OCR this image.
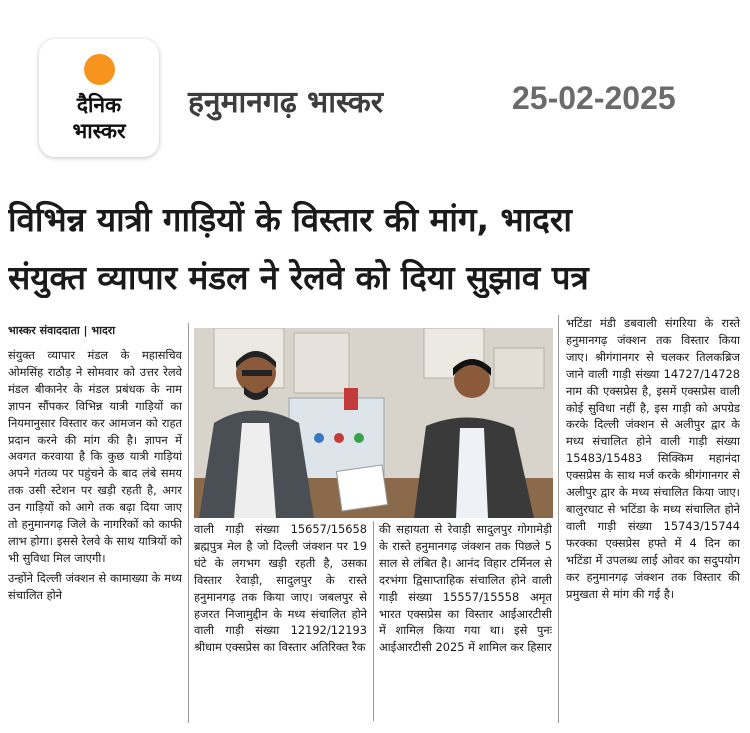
दैनिक
भास्कर
हनुमानगढ़ भास्कर	25-02-2025
विभिन्न यात्री गाड़ियों के विस्तार की मांग, भादरा
संयुक्त व्यापार मंडल ने रेलवे को दिया सुझाव पत्र
भास्कर संवाददाता | भादरा

संयुक्त व्यापार मंडल के महासचिव ओमसिंह राठौड़ ने सोमवार को उत्तर रेलवे मंडल बीकानेर के मंडल प्रबंधक के नाम ज्ञापन सौंपकर विभिन्न यात्री गाड़ियों का नियमानुसार विस्तार कर आमजन को राहत प्रदान करने की मांग की है। ज्ञापन में अवगत करवाया है कि कुछ यात्री गाड़ियां अपने गंतव्य पर पहुंचने के बाद लंबे समय तक उसी स्टेशन पर खड़ी रहती है, अगर उन गाड़ियों को आगे तक बढ़ा दिया जाए तो हनुमानगढ़ जिले के नागरिकों को काफी लाभ होगा। इससे रेलवे के साथ यात्रियों को भी सुविधा मिल जाएगी।

उन्होंने दिल्ली जंक्शन से कामाख्या के मध्य संचालित होने

वाली गाड़ी संख्या 15657/15658 ब्रह्मपुत्र मेल है जो दिल्ली जंक्शन पर 19 घंटे के लगभग खड़ी रहती है, उसका विस्तार रेवाड़ी, सादुलपुर के रास्ते हनुमानगढ़ तक किया जाए। जबलपुर से हजरत निजामुद्दीन के मध्य संचालित होने वाली गाड़ी संख्या 12192/12193 श्रीधाम एक्सप्रेस का विस्तार अतिरिक्त रैक

की सहायता से रेवाड़ी सादुलपुर गोगामेड़ी के रास्ते हनुमानगढ़ जंक्शन तक पिछले 5 साल से लंबित है। आनंद विहार टर्मिनल से दरभंगा द्विसाप्ताहिक संचालित होने वाली गाड़ी संख्या 15557/15558 अमृत भारत एक्सप्रेस का विस्तार आईआरटीसी में शामिल किया गया था। इसे पुनः आईआरटीसी 2025 में शामिल कर हिसार

भटिंडा मंडी डबवाली संगरिया के रास्ते हनुमानगढ़ जंक्शन तक विस्तार किया जाए। श्रीगंगानगर से चलकर तिलकब्रिज जाने वाली गाड़ी संख्या 14727/14728 नाम की एक्सप्रेस है, इसमें एक्सप्रेस वाली कोई सुविधा नहीं है, इस गाड़ी को अपग्रेड करके दिल्ली जंक्शन से अलीपुर द्वार के मध्य संचालित होने वाली गाड़ी संख्या 15483/15483 सिक्किम महानंदा एक्सप्रेस के साथ मर्ज करके श्रीगंगानगर से अलीपुर द्वार के मध्य संचालित किया जाए। बालुरघाट से भटिंडा के मध्य संचालित होने वाली गाड़ी संख्या 15743/15744 फरक्का एक्सप्रेस हफ्ते में 4 दिन का भटिंडा में उपलब्ध लाई ओवर का सदुपयोग कर हनुमानगढ़ जंक्शन तक विस्तार की प्रमुखता से मांग की गई है।
